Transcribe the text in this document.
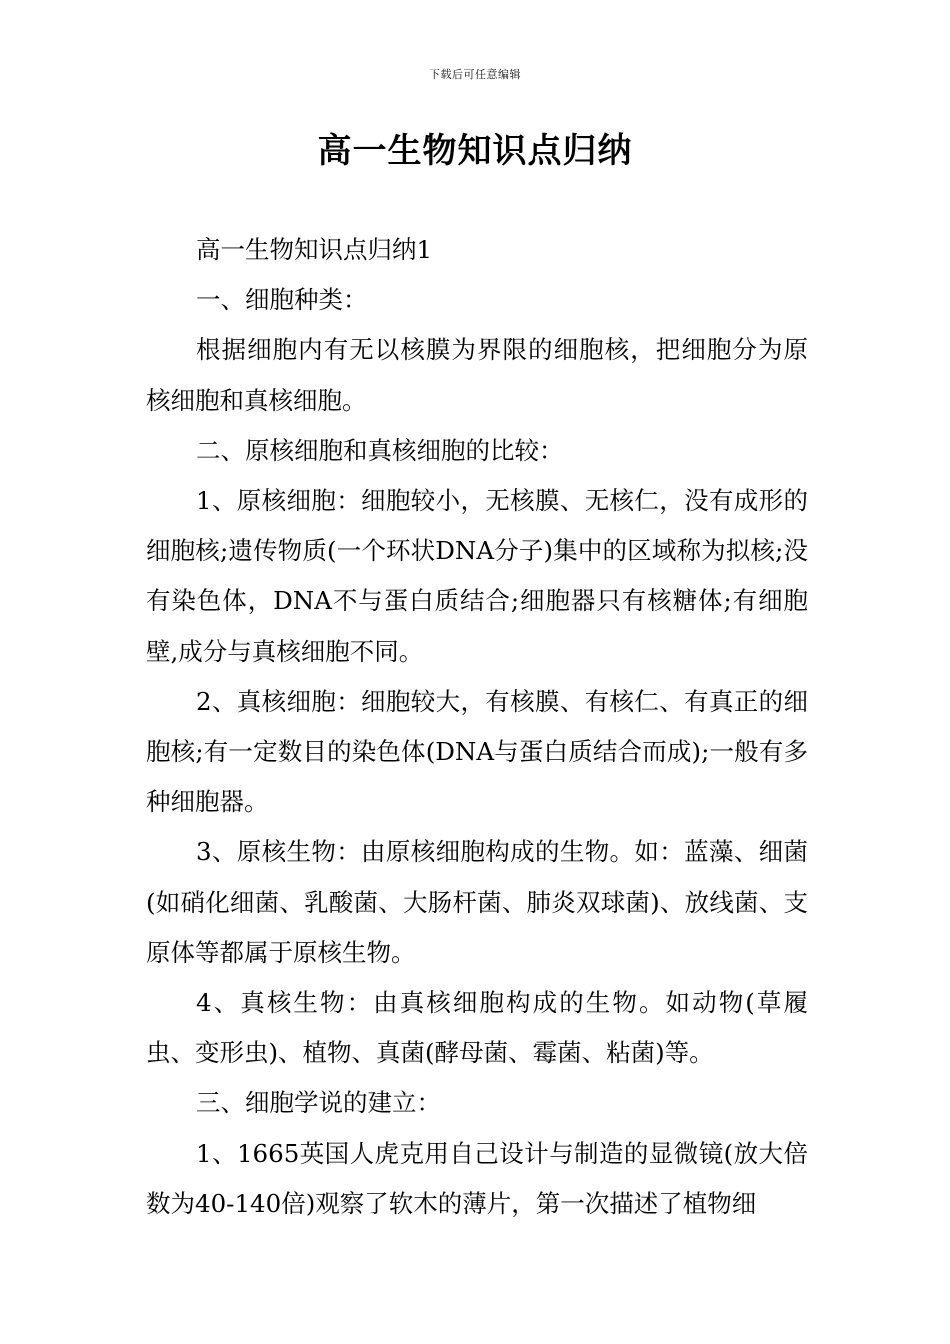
下载后可任意编辑
高一生物知识点归纳

高一生物知识点归纳1

一、细胞种类：

根据细胞内有无以核膜为界限的细胞核，把细胞分为原核细胞和真核细胞。

二、原核细胞和真核细胞的比较：

1、原核细胞：细胞较小，无核膜、无核仁，没有成形的细胞核;遗传物质(一个环状DNA分子)集中的区域称为拟核;没有染色体，DNA不与蛋白质结合;细胞器只有核糖体;有细胞壁,成分与真核细胞不同。

2、真核细胞：细胞较大，有核膜、有核仁、有真正的细胞核;有一定数目的染色体(DNA与蛋白质结合而成);一般有多种细胞器。

3、原核生物：由原核细胞构成的生物。如：蓝藻、细菌(如硝化细菌、乳酸菌、大肠杆菌、肺炎双球菌)、放线菌、支原体等都属于原核生物。

4、真核生物：由真核细胞构成的生物。如动物(草履虫、变形虫)、植物、真菌(酵母菌、霉菌、粘菌)等。

三、细胞学说的建立：

1、1665英国人虎克用自己设计与制造的显微镜(放大倍数为40-140倍)观察了软木的薄片，第一次描述了植物细
